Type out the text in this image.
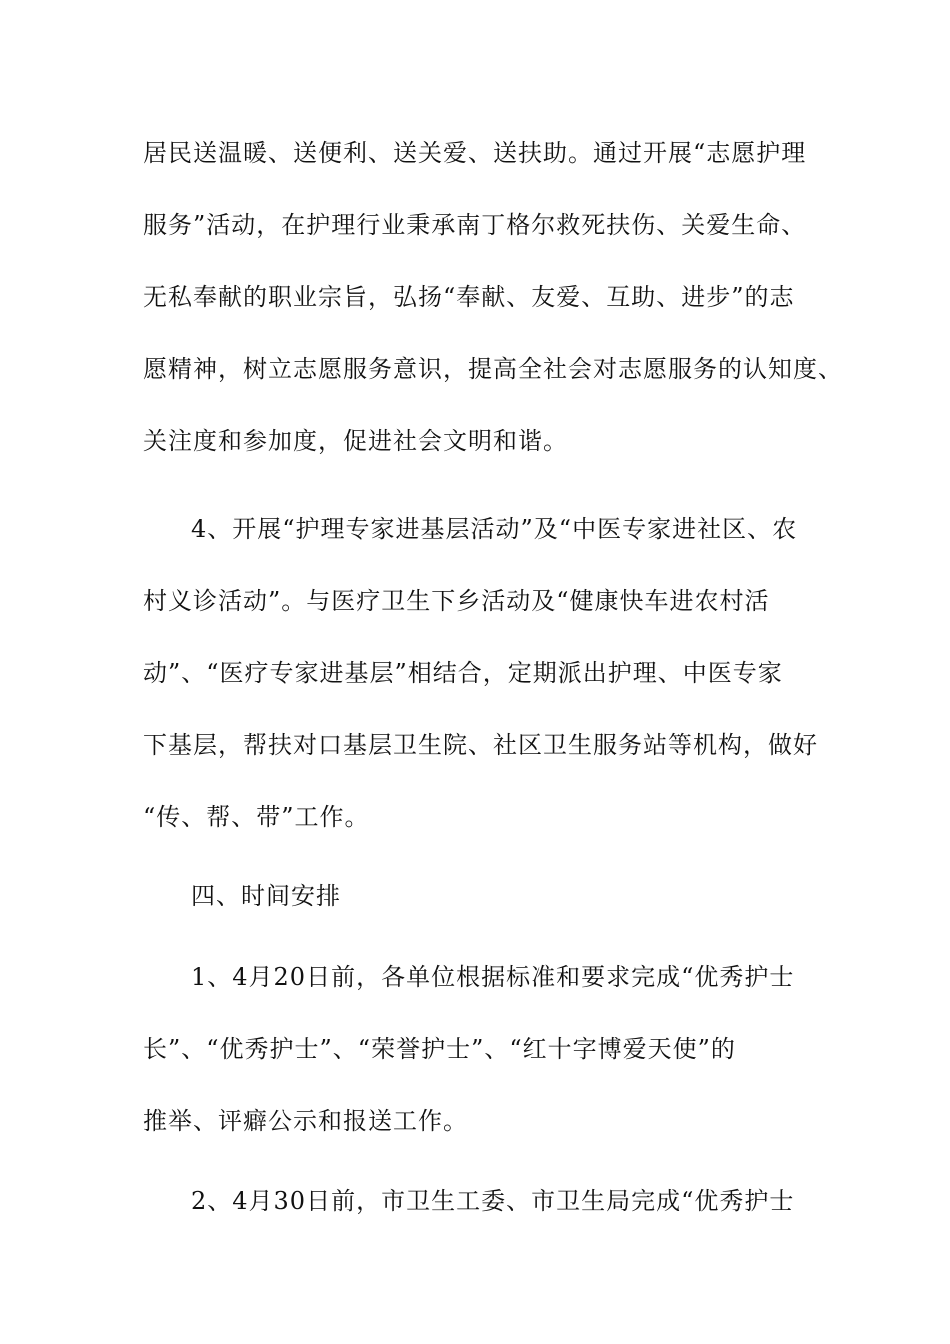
居民送温暖、送便利、送关爱、送扶助。通过开展“志愿护理
服务”活动，在护理行业秉承南丁格尔救死扶伤、关爱生命、
无私奉献的职业宗旨，弘扬“奉献、友爱、互助、进步”的志
愿精神，树立志愿服务意识，提高全社会对志愿服务的认知度、
关注度和参加度，促进社会文明和谐。
4、开展“护理专家进基层活动”及“中医专家进社区、农
村义诊活动”。与医疗卫生下乡活动及“健康快车进农村活
动”、“医疗专家进基层”相结合，定期派出护理、中医专家
下基层，帮扶对口基层卫生院、社区卫生服务站等机构，做好
“传、帮、带”工作。
四、时间安排
1、4月20日前，各单位根据标准和要求完成“优秀护士
长”、“优秀护士”、“荣誉护士”、“红十字博爱天使”的
推举、评癖公示和报送工作。
2、4月30日前，市卫生工委、市卫生局完成“优秀护士
